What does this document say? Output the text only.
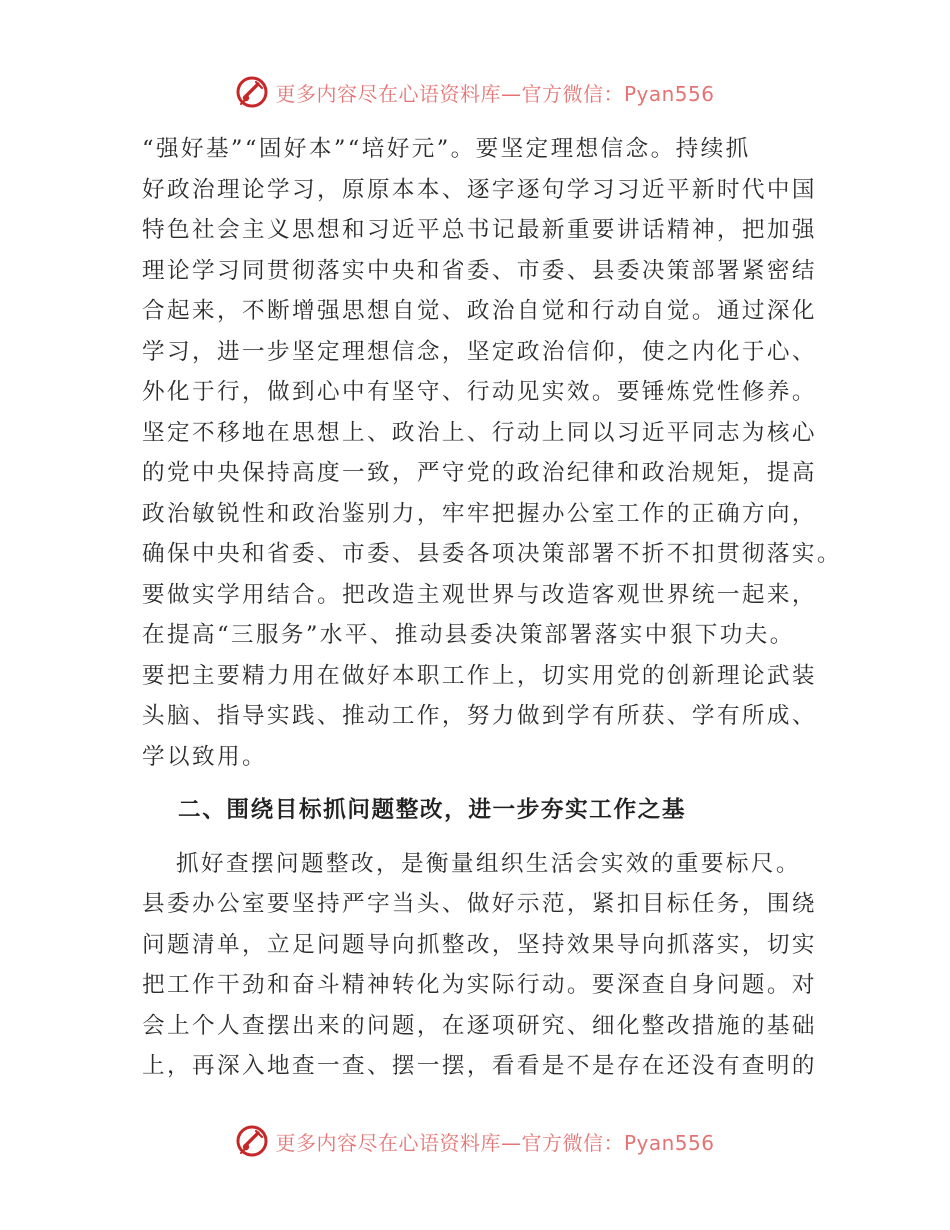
更多内容尽在心语资料库—官方微信：Pyan556
“强好基”“固好本”“培好元”。要坚定理想信念。持续抓
好政治理论学习，原原本本、逐字逐句学习习近平新时代中国
特色社会主义思想和习近平总书记最新重要讲话精神，把加强
理论学习同贯彻落实中央和省委、市委、县委决策部署紧密结
合起来，不断增强思想自觉、政治自觉和行动自觉。通过深化
学习，进一步坚定理想信念，坚定政治信仰，使之内化于心、
外化于行，做到心中有坚守、行动见实效。要锤炼党性修养。
坚定不移地在思想上、政治上、行动上同以习近平同志为核心
的党中央保持高度一致，严守党的政治纪律和政治规矩，提高
政治敏锐性和政治鉴别力，牢牢把握办公室工作的正确方向，
确保中央和省委、市委、县委各项决策部署不折不扣贯彻落实。
要做实学用结合。把改造主观世界与改造客观世界统一起来，
在提高“三服务”水平、推动县委决策部署落实中狠下功夫。
要把主要精力用在做好本职工作上，切实用党的创新理论武装
头脑、指导实践、推动工作，努力做到学有所获、学有所成、
学以致用。
二、围绕目标抓问题整改，进一步夯实工作之基
抓好查摆问题整改，是衡量组织生活会实效的重要标尺。
县委办公室要坚持严字当头、做好示范，紧扣目标任务，围绕
问题清单，立足问题导向抓整改，坚持效果导向抓落实，切实
把工作干劲和奋斗精神转化为实际行动。要深查自身问题。对
会上个人查摆出来的问题，在逐项研究、细化整改措施的基础
上，再深入地查一查、摆一摆，看看是不是存在还没有查明的
更多内容尽在心语资料库—官方微信：Pyan556
